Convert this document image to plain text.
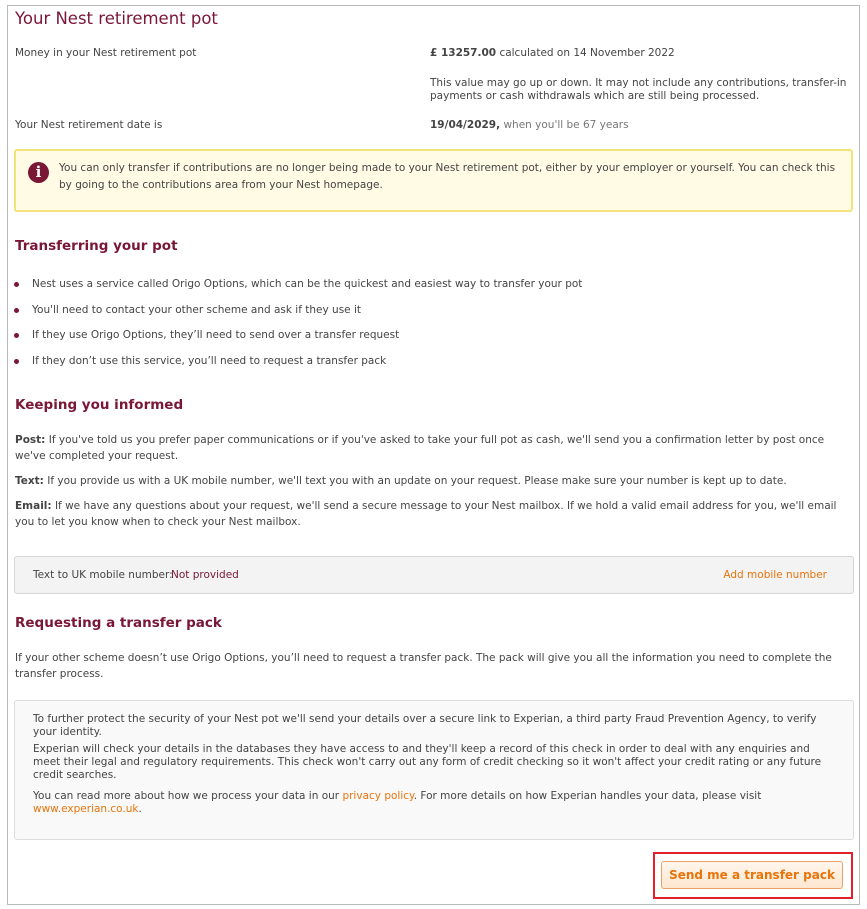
Your Nest retirement pot
Money in your Nest retirement pot	£ 13257.00 calculated on 14 November 2022
This value may go up or down. It may not include any contributions, transfer-in payments or cash withdrawals which are still being processed.
Your Nest retirement date is	19/04/2029, when you'll be 67 years
i	You can only transfer if contributions are no longer being made to your Nest retirement pot, either by your employer or yourself. You can check this by going to the contributions area from your Nest homepage.
Transferring your pot
Nest uses a service called Origo Options, which can be the quickest and easiest way to transfer your pot
You'll need to contact your other scheme and ask if they use it
If they use Origo Options, they’ll need to send over a transfer request
If they don’t use this service, you’ll need to request a transfer pack
Keeping you informed
Post: If you've told us you prefer paper communications or if you've asked to take your full pot as cash, we'll send you a confirmation letter by post once we've completed your request.
Text: If you provide us with a UK mobile number, we'll text you with an update on your request. Please make sure your number is kept up to date.
Email: If we have any questions about your request, we'll send a secure message to your Nest mailbox. If we hold a valid email address for you, we'll email you to let you know when to check your Nest mailbox.
Text to UK mobile number:
Not provided	Add mobile number
Requesting a transfer pack
If your other scheme doesn’t use Origo Options, you’ll need to request a transfer pack. The pack will give you all the information you need to complete the transfer process.
To further protect the security of your Nest pot we'll send your details over a secure link to Experian, a third party Fraud Prevention Agency, to verify your identity.
Experian will check your details in the databases they have access to and they'll keep a record of this check in order to deal with any enquiries and meet their legal and regulatory requirements. This check won't carry out any form of credit checking so it won't affect your credit rating or any future credit searches.
You can read more about how we process your data in our privacy policy. For more details on how Experian handles your data, please visit www.experian.co.uk.
Send me a transfer pack
